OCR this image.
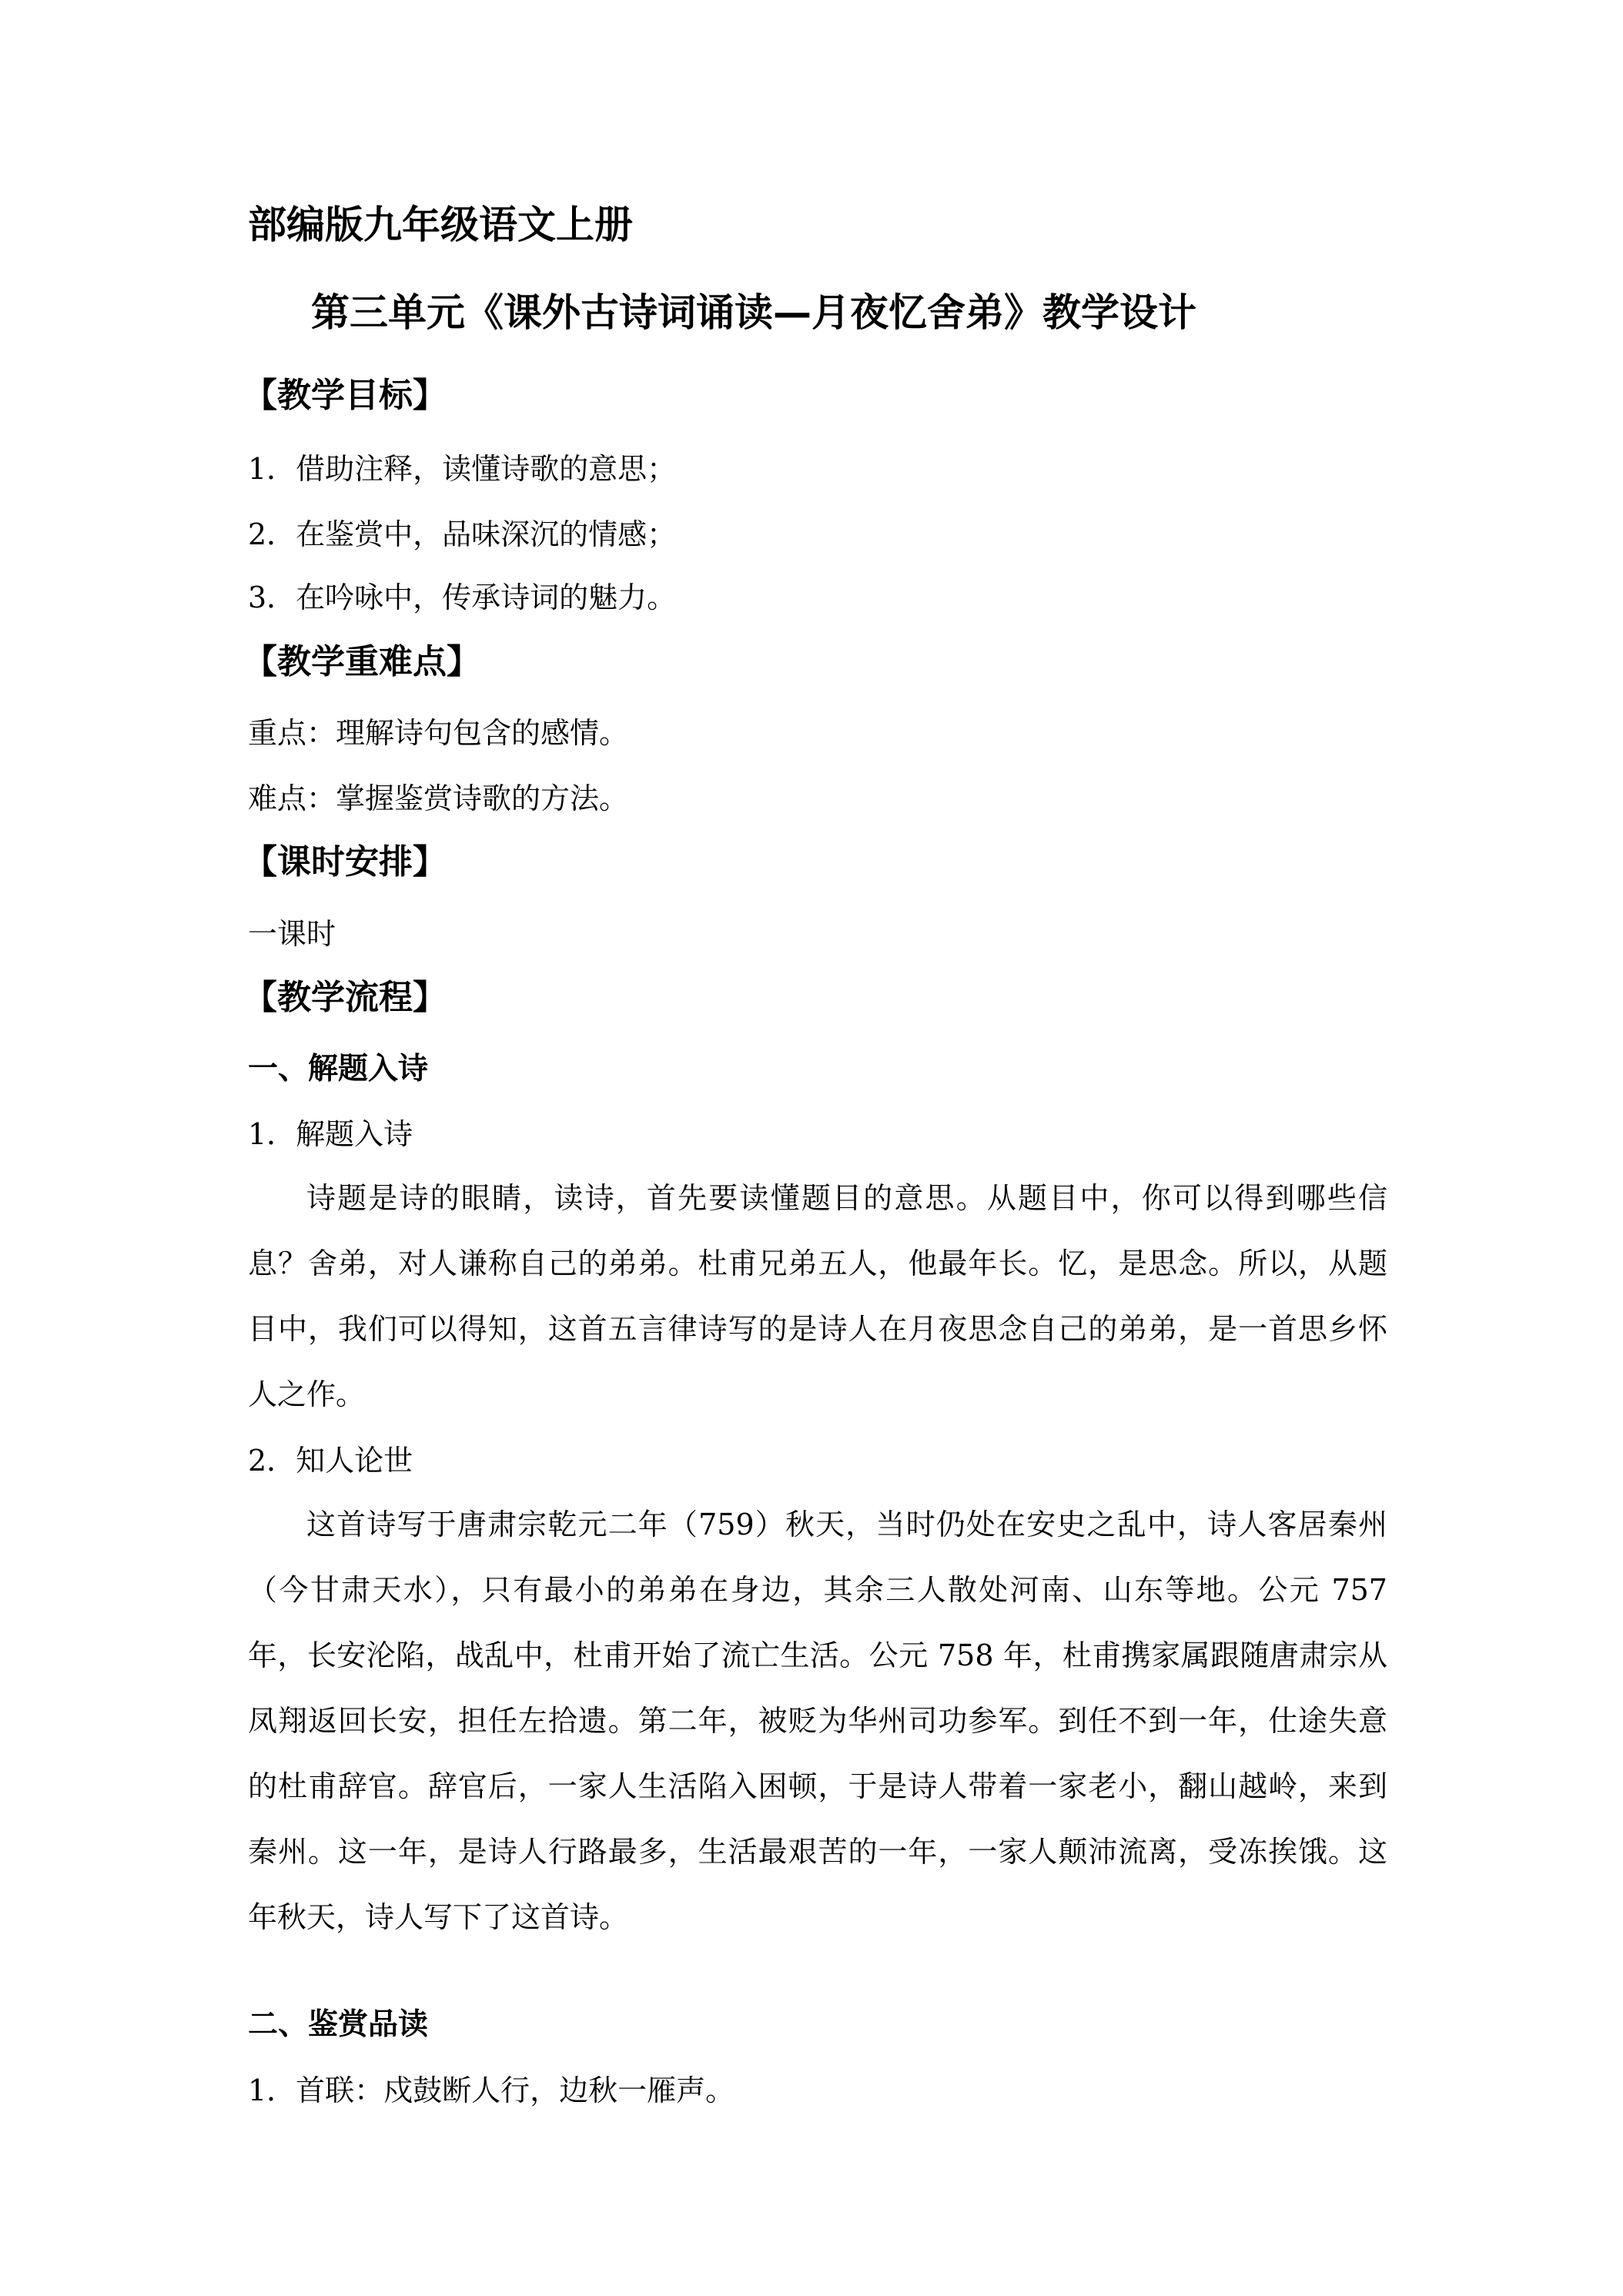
部编版九年级语文上册
第三单元《课外古诗词诵读—月夜忆舍弟》教学设计
【教学目标】

1．借助注释，读懂诗歌的意思；

2．在鉴赏中，品味深沉的情感；

3．在吟咏中，传承诗词的魅力。

【教学重难点】

重点：理解诗句包含的感情。

难点：掌握鉴赏诗歌的方法。

【课时安排】

一课时

【教学流程】
一、解题入诗

1．解题入诗

诗题是诗的眼睛，读诗，首先要读懂题目的意思。从题目中，你可以得到哪些信息？舍弟，对人谦称自己的弟弟。杜甫兄弟五人，他最年长。忆，是思念。所以，从题目中，我们可以得知，这首五言律诗写的是诗人在月夜思念自己的弟弟，是一首思乡怀人之作。

2．知人论世

这首诗写于唐肃宗乾元二年（759）秋天，当时仍处在安史之乱中，诗人客居秦州（今甘肃天水），只有最小的弟弟在身边，其余三人散处河南、山东等地。公元 757 年，长安沦陷，战乱中，杜甫开始了流亡生活。公元 758 年，杜甫携家属跟随唐肃宗从凤翔返回长安，担任左拾遗。第二年，被贬为华州司功参军。到任不到一年，仕途失意的杜甫辞官。辞官后，一家人生活陷入困顿，于是诗人带着一家老小，翻山越岭，来到秦州。这一年，是诗人行路最多，生活最艰苦的一年，一家人颠沛流离，受冻挨饿。这年秋天，诗人写下了这首诗。

二、鉴赏品读

1．首联：戍鼓断人行，边秋一雁声。
